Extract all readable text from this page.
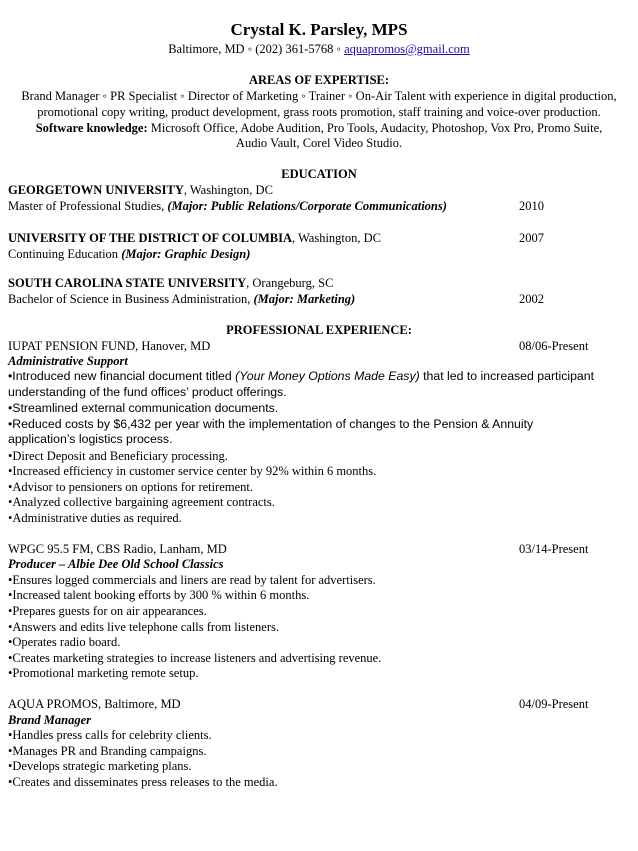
Crystal K. Parsley, MPS
Baltimore, MD ◦ (202) 361-5768 ◦ aquapromos@gmail.com
AREAS OF EXPERTISE:
Brand Manager ◦ PR Specialist ◦ Director of Marketing ◦ Trainer ◦ On-Air Talent with experience in digital production,
promotional copy writing, product development, grass roots promotion, staff training and voice-over production.
Software knowledge: Microsoft Office, Adobe Audition, Pro Tools, Audacity, Photoshop, Vox Pro, Promo Suite,
Audio Vault, Corel Video Studio.
EDUCATION
GEORGETOWN UNIVERSITY, Washington, DC
Master of Professional Studies, (Major: Public Relations/Corporate Communications)	2010
UNIVERSITY OF THE DISTRICT OF COLUMBIA, Washington, DC	2007
Continuing Education (Major: Graphic Design)
SOUTH CAROLINA STATE UNIVERSITY, Orangeburg, SC
Bachelor of Science in Business Administration, (Major: Marketing)	2002
PROFESSIONAL EXPERIENCE:
IUPAT PENSION FUND, Hanover, MD	08/06-Present
Administrative Support
•Introduced new financial document titled (Your Money Options Made Easy) that led to increased participant
understanding of the fund offices’ product offerings.
•Streamlined external communication documents.
•Reduced costs by $6,432 per year with the implementation of changes to the Pension & Annuity
application’s logistics process.
•Direct Deposit and Beneficiary processing.
•Increased efficiency in customer service center by 92% within 6 months.
•Advisor to pensioners on options for retirement.
•Analyzed collective bargaining agreement contracts.
•Administrative duties as required.
WPGC 95.5 FM, CBS Radio, Lanham, MD	03/14-Present
Producer – Albie Dee Old School Classics
•Ensures logged commercials and liners are read by talent for advertisers.
•Increased talent booking efforts by 300 % within 6 months.
•Prepares guests for on air appearances.
•Answers and edits live telephone calls from listeners.
•Operates radio board.
•Creates marketing strategies to increase listeners and advertising revenue.
•Promotional marketing remote setup.
AQUA PROMOS, Baltimore, MD	04/09-Present
Brand Manager
•Handles press calls for celebrity clients.
•Manages PR and Branding campaigns.
•Develops strategic marketing plans.
•Creates and disseminates press releases to the media.
